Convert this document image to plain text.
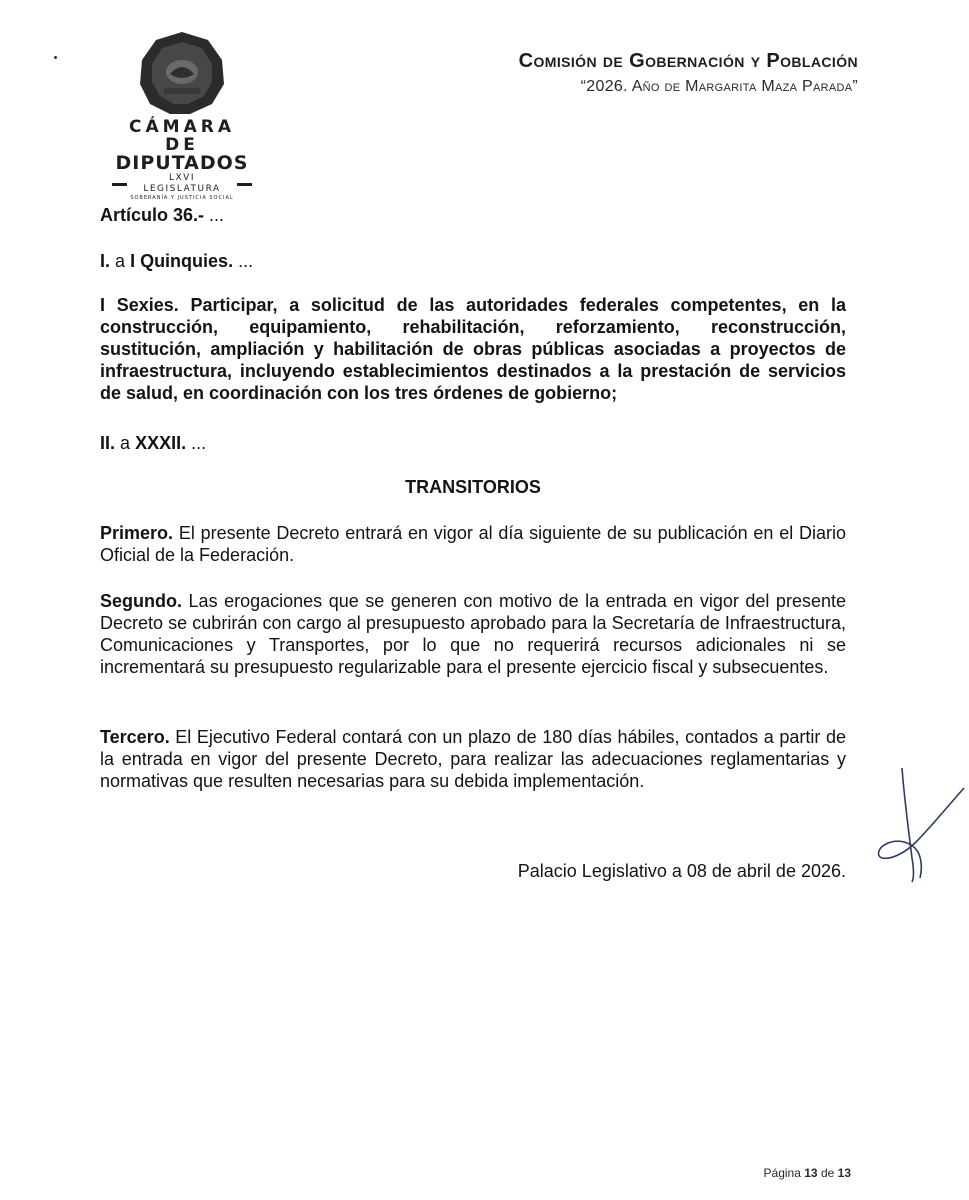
CÁMARA DE
DIPUTADOS
LXVI LEGISLATURA
SOBERANÍA Y JUSTICIA SOCIAL
Comisión de Gobernación y Población
“2026. Año de Margarita Maza Parada”

Artículo 36.- ...

I. a I Quinquies. ...

I Sexies. Participar, a solicitud de las autoridades federales competentes, en la construcción, equipamiento, rehabilitación, reforzamiento, reconstrucción, sustitución, ampliación y habilitación de obras públicas asociadas a proyectos de infraestructura, incluyendo establecimientos destinados a la prestación de servicios de salud, en coordinación con los tres órdenes de gobierno;

II. a XXXII. ...

TRANSITORIOS

Primero. El presente Decreto entrará en vigor al día siguiente de su publicación en el Diario Oficial de la Federación.

Segundo. Las erogaciones que se generen con motivo de la entrada en vigor del presente Decreto se cubrirán con cargo al presupuesto aprobado para la Secretaría de Infraestructura, Comunicaciones y Transportes, por lo que no requerirá recursos adicionales ni se incrementará su presupuesto regularizable para el presente ejercicio fiscal y subsecuentes.

Tercero. El Ejecutivo Federal contará con un plazo de 180 días hábiles, contados a partir de la entrada en vigor del presente Decreto, para realizar las adecuaciones reglamentarias y normativas que resulten necesarias para su debida implementación.

Palacio Legislativo a 08 de abril de 2026.

Página 13 de 13
